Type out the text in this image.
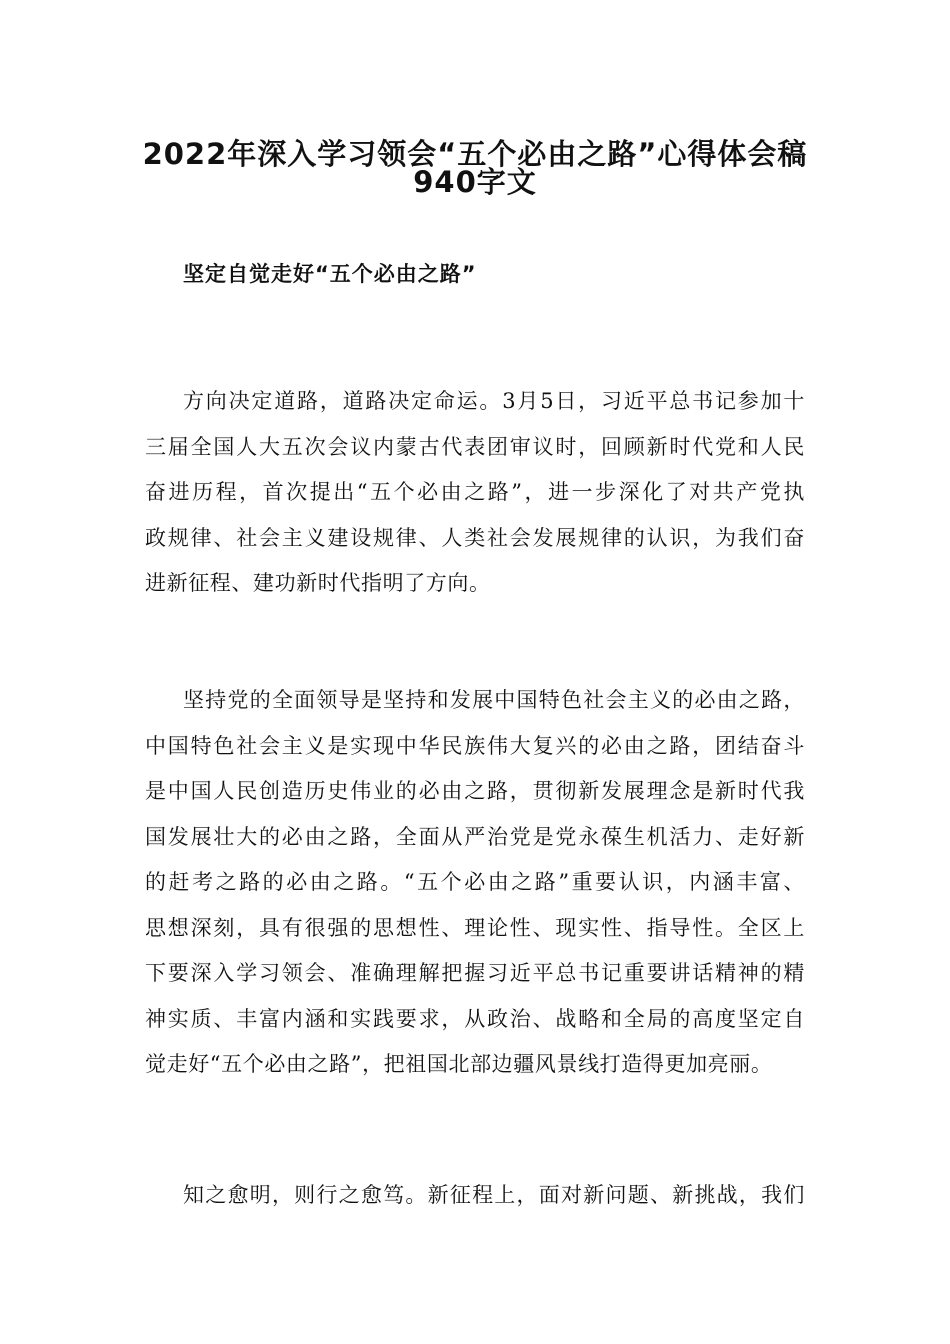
2022年深入学习领会“五个必由之路”心得体会稿
940字文
坚定自觉走好“五个必由之路”
方向决定道路，道路决定命运。3月5日，习近平总书记参加十
三届全国人大五次会议内蒙古代表团审议时，回顾新时代党和人民
奋进历程，首次提出“五个必由之路”，进一步深化了对共产党执
政规律、社会主义建设规律、人类社会发展规律的认识，为我们奋
进新征程、建功新时代指明了方向。
坚持党的全面领导是坚持和发展中国特色社会主义的必由之路，
中国特色社会主义是实现中华民族伟大复兴的必由之路，团结奋斗
是中国人民创造历史伟业的必由之路，贯彻新发展理念是新时代我
国发展壮大的必由之路，全面从严治党是党永葆生机活力、走好新
的赶考之路的必由之路。“五个必由之路”重要认识，内涵丰富、
思想深刻，具有很强的思想性、理论性、现实性、指导性。全区上
下要深入学习领会、准确理解把握习近平总书记重要讲话精神的精
神实质、丰富内涵和实践要求，从政治、战略和全局的高度坚定自
觉走好“五个必由之路”，把祖国北部边疆风景线打造得更加亮丽。
知之愈明，则行之愈笃。新征程上，面对新问题、新挑战，我们
